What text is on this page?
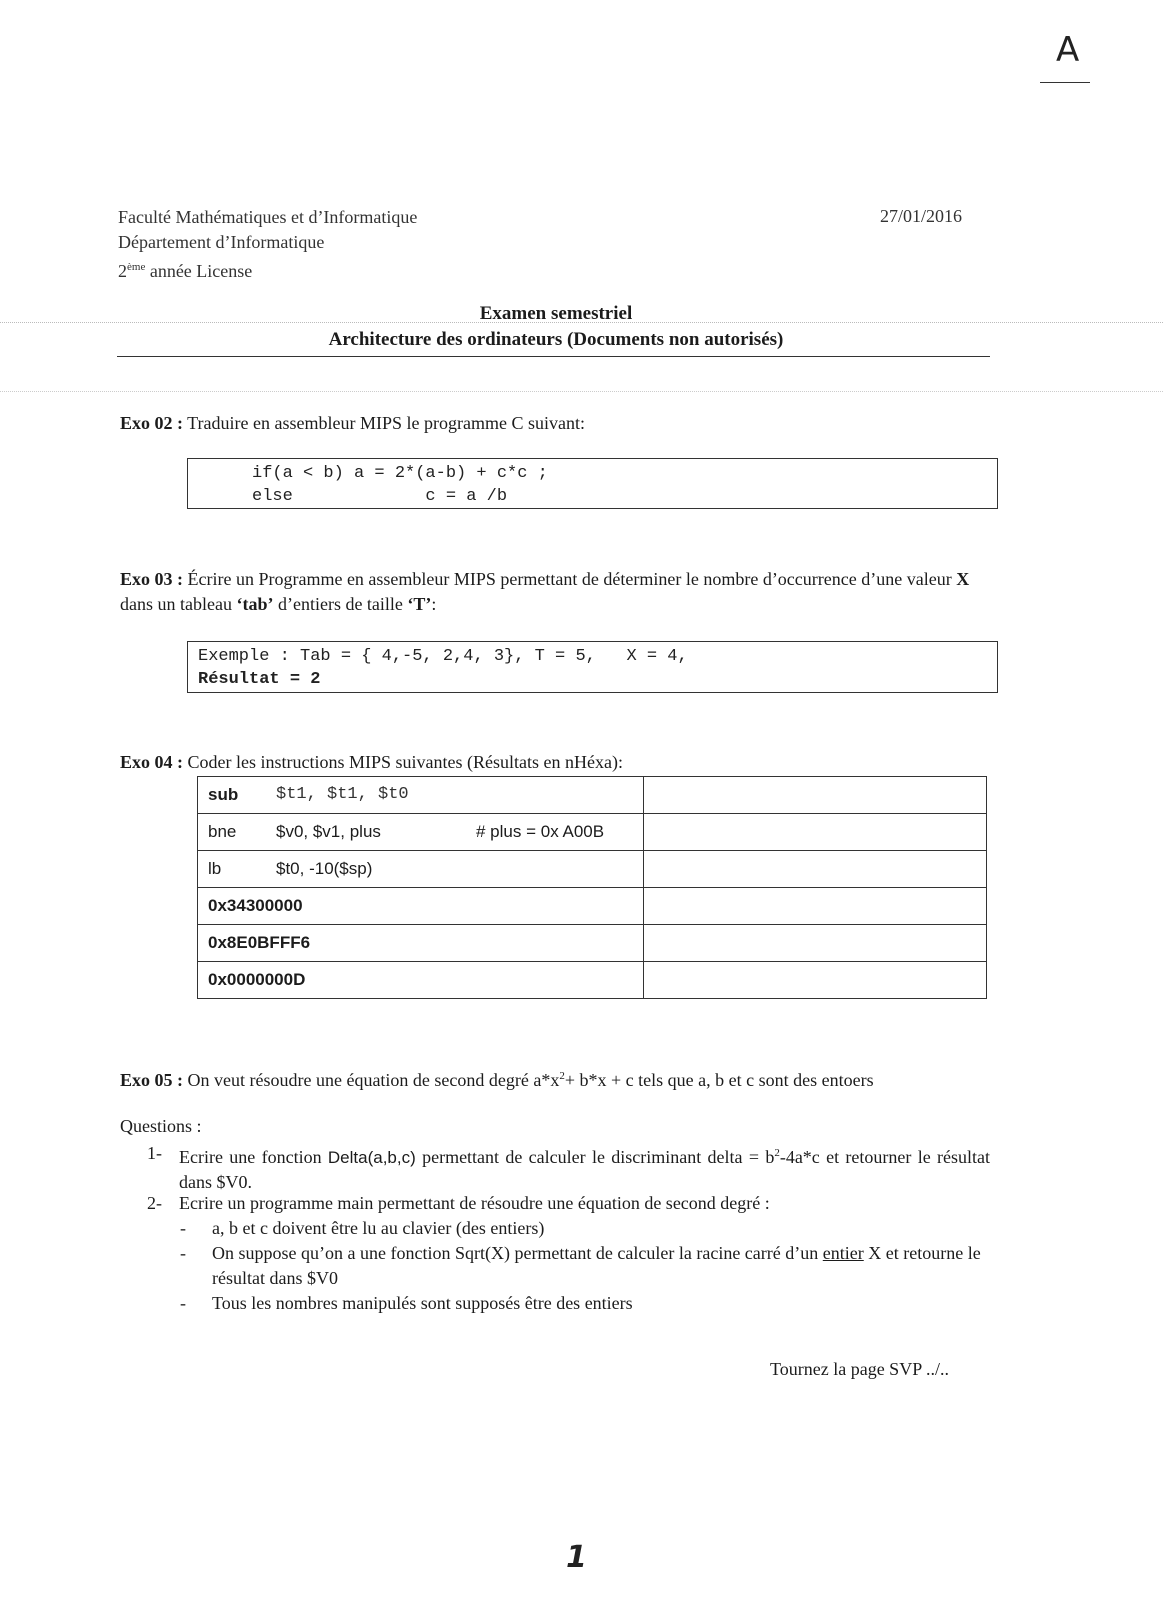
A
Faculté Mathématiques et d’Informatique
Département d’Informatique
2ème année License
27/01/2016
Examen semestriel
Architecture des ordinateurs (Documents non autorisés)
Exo 02 : Traduire en assembleur MIPS le programme C suivant:
if(a < b) a = 2*(a-b) + c*c ;
else             c = a /b
Exo 03 : Écrire un Programme en assembleur MIPS permettant de déterminer le nombre d’occurrence d’une valeur X dans un tableau ‘tab’ d’entiers de taille ‘T’:
Exemple : Tab = { 4,-5, 2,4, 3}, T = 5,   X = 4,
Résultat = 2
Exo 04 : Coder les instructions MIPS suivantes (Résultats en nHéxa):
sub $t1, $t1, $t0	

bne $v0, $v1, plus # plus = 0x A00B	

lb $t0, -10($sp)	

0x34300000	
0x8E0BFFF6	
0x0000000D	
Exo 05 : On veut résoudre une équation de second degré $a*x^2+ b*x + c$ tels que a, b et c sont des entoers
Questions :
1- Ecrire une fonction Delta(a,b,c) permettant de calculer le discriminant delta = $b^2-4a*c$ et retourner le résultat dans $V0.
2- Ecrire un programme main permettant de résoudre une équation de second degré :
- a, b et c doivent être lu au clavier (des entiers)
- On suppose qu’on a une fonction Sqrt(X) permettant de calculer la racine carré d’un entier X et retourne le résultat dans $V0
- Tous les nombres manipulés sont supposés être des entiers
Tournez la page SVP ../..
1
